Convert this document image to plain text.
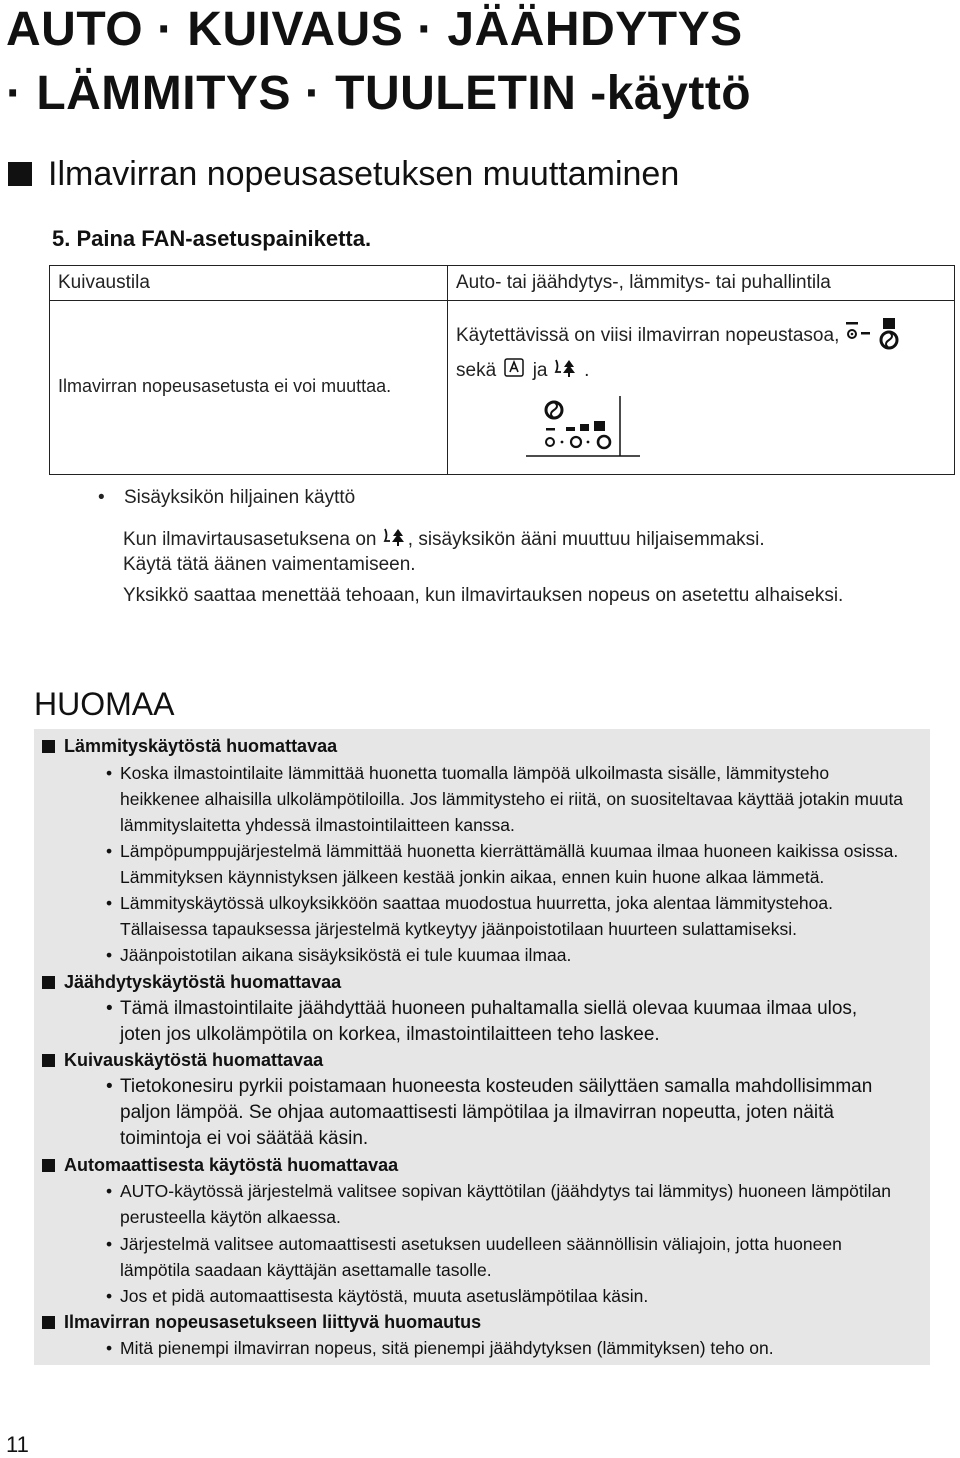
AUTO · KUIVAUS · JÄÄHDYTYS
· LÄMMITYS · TUULETIN -käyttö
Ilmavirran nopeusasetuksen muuttaminen
5. Paina FAN-asetuspainiketta.
Kuivaustila	Auto- tai jäähdytys-, lämmitys- tai puhallintila
Ilmavirran nopeusasetusta ei voi muuttaa.
Käytettävissä on viisi ilmavirran nopeustasoa,
sekä ja .
• Sisäyksikön hiljainen käyttö
Kun ilmavirtausasetuksena on , sisäyksikön ääni muuttuu hiljaisemmaksi.
Käytä tätä äänen vaimentamiseen.
Yksikkö saattaa menettää tehoaan, kun ilmavirtauksen nopeus on asetettu alhaiseksi.
HUOMAA
Lämmityskäytöstä huomattavaa
• Koska ilmastointilaite lämmittää huonetta tuomalla lämpöä ulkoilmasta sisälle, lämmitysteho
heikkenee alhaisilla ulkolämpötiloilla. Jos lämmitysteho ei riitä, on suositeltavaa käyttää jotakin muuta
lämmityslaitetta yhdessä ilmastointilaitteen kanssa.
• Lämpöpumppujärjestelmä lämmittää huonetta kierrättämällä kuumaa ilmaa huoneen kaikissa osissa.
Lämmityksen käynnistyksen jälkeen kestää jonkin aikaa, ennen kuin huone alkaa lämmetä.
• Lämmityskäytössä ulkoyksikköön saattaa muodostua huurretta, joka alentaa lämmitystehoa.
Tällaisessa tapauksessa järjestelmä kytkeytyy jäänpoistotilaan huurteen sulattamiseksi.
• Jäänpoistotilan aikana sisäyksiköstä ei tule kuumaa ilmaa.
Jäähdytyskäytöstä huomattavaa
• Tämä ilmastointilaite jäähdyttää huoneen puhaltamalla siellä olevaa kuumaa ilmaa ulos,
joten jos ulkolämpötila on korkea, ilmastointilaitteen teho laskee.
Kuivauskäytöstä huomattavaa
• Tietokonesiru pyrkii poistamaan huoneesta kosteuden säilyttäen samalla mahdollisimman
paljon lämpöä. Se ohjaa automaattisesti lämpötilaa ja ilmavirran nopeutta, joten näitä
toimintoja ei voi säätää käsin.
Automaattisesta käytöstä huomattavaa
• AUTO-käytössä järjestelmä valitsee sopivan käyttötilan (jäähdytys tai lämmitys) huoneen lämpötilan
perusteella käytön alkaessa.
• Järjestelmä valitsee automaattisesti asetuksen uudelleen säännöllisin väliajoin, jotta huoneen
lämpötila saadaan käyttäjän asettamalle tasolle.
• Jos et pidä automaattisesta käytöstä, muuta asetuslämpötilaa käsin.
Ilmavirran nopeusasetukseen liittyvä huomautus
• Mitä pienempi ilmavirran nopeus, sitä pienempi jäähdytyksen (lämmityksen) teho on.
11
